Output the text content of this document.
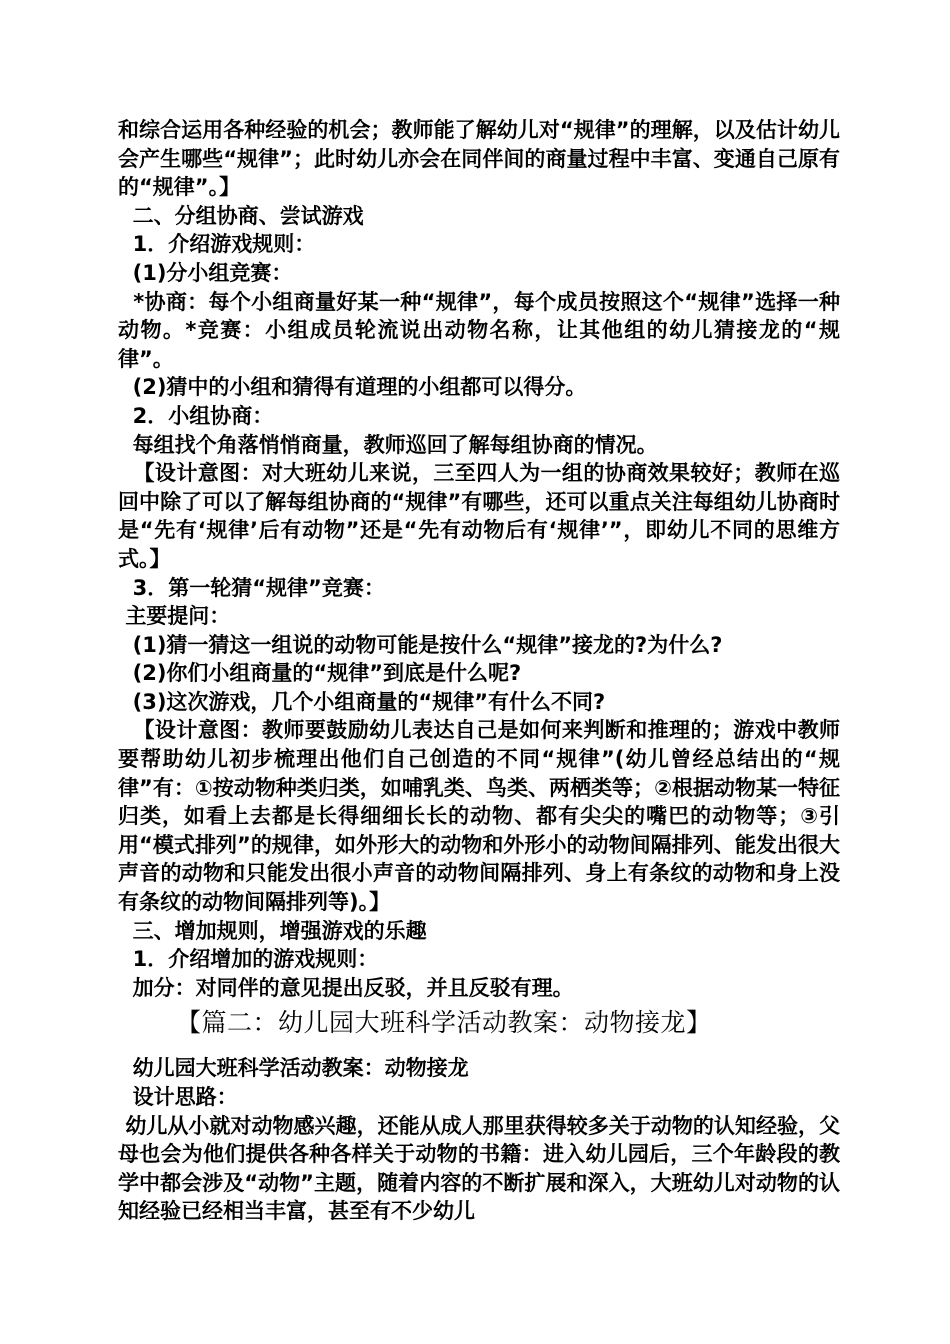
和综合运用各种经验的机会；教师能了解幼儿对“规律”的理解，以及估计幼儿会产生哪些“规律”；此时幼儿亦会在同伴间的商量过程中丰富、变通自己原有的“规律”。】

二、分组协商、尝试游戏

1．介绍游戏规则：

(1)分小组竞赛：

*协商：每个小组商量好某一种“规律”，每个成员按照这个“规律”选择一种动物。*竞赛：小组成员轮流说出动物名称，让其他组的幼儿猜接龙的“规律”。

(2)猜中的小组和猜得有道理的小组都可以得分。

2．小组协商：

每组找个角落悄悄商量，教师巡回了解每组协商的情况。

【设计意图：对大班幼儿来说，三至四人为一组的协商效果较好；教师在巡回中除了可以了解每组协商的“规律”有哪些，还可以重点关注每组幼儿协商时是“先有‘规律’后有动物”还是“先有动物后有‘规律’”，即幼儿不同的思维方式。】

3．第一轮猜“规律”竞赛：

主要提问：

(1)猜一猜这一组说的动物可能是按什么“规律”接龙的?为什么?

(2)你们小组商量的“规律”到底是什么呢?

(3)这次游戏，几个小组商量的“规律”有什么不同?

【设计意图：教师要鼓励幼儿表达自己是如何来判断和推理的；游戏中教师要帮助幼儿初步梳理出他们自己创造的不同“规律”(幼儿曾经总结出的“规律”有：①按动物种类归类，如哺乳类、鸟类、两栖类等；②根据动物某一特征归类，如看上去都是长得细细长长的动物、都有尖尖的嘴巴的动物等；③引用“模式排列”的规律，如外形大的动物和外形小的动物间隔排列、能发出很大声音的动物和只能发出很小声音的动物间隔排列、身上有条纹的动物和身上没有条纹的动物间隔排列等)。】

三、增加规则，增强游戏的乐趣

1．介绍增加的游戏规则：

加分：对同伴的意见提出反驳，并且反驳有理。

【篇二：幼儿园大班科学活动教案：动物接龙】

幼儿园大班科学活动教案：动物接龙

设计思路：

幼儿从小就对动物感兴趣，还能从成人那里获得较多关于动物的认知经验，父母也会为他们提供各种各样关于动物的书籍：进入幼儿园后，三个年龄段的教学中都会涉及“动物”主题，随着内容的不断扩展和深入，大班幼儿对动物的认知经验已经相当丰富，甚至有不少幼儿
